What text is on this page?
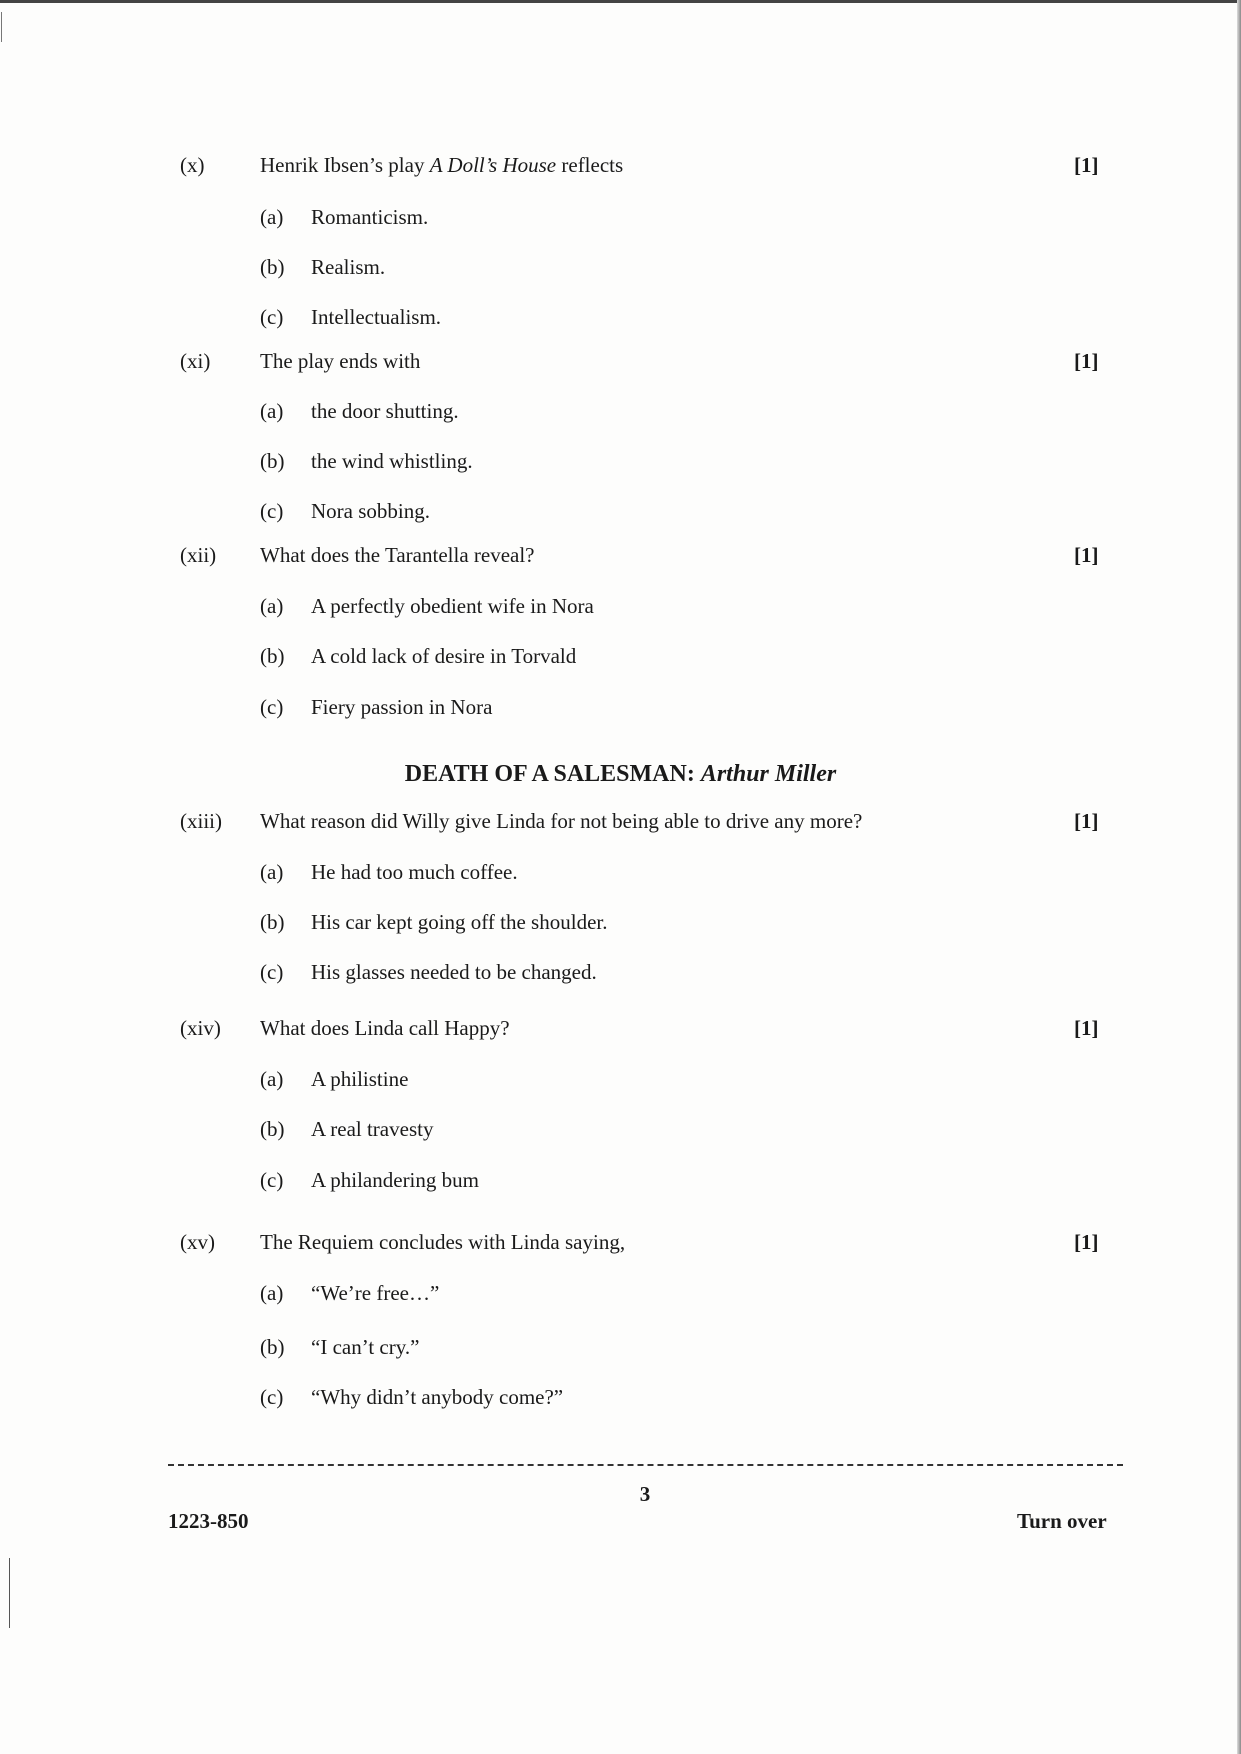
(x)	Henrik Ibsen’s play A Doll’s House reflects	[1]
(a) Romanticism.
(b) Realism.
(c) Intellectualism.
(xi) The play ends with	[1]
(a) the door shutting.
(b) the wind whistling.
(c) Nora sobbing.
(xii) What does the Tarantella reveal?	[1]
(a) A perfectly obedient wife in Nora
(b) A cold lack of desire in Torvald
(c) Fiery passion in Nora
DEATH OF A SALESMAN: Arthur Miller
(xiii) What reason did Willy give Linda for not being able to drive any more?	[1]
(a) He had too much coffee.
(b) His car kept going off the shoulder.
(c) His glasses needed to be changed.
(xiv) What does Linda call Happy?	[1]
(a) A philistine
(b) A real travesty
(c) A philandering bum
(xv) The Requiem concludes with Linda saying,	[1]
(a) “We’re free…”
(b) “I can’t cry.”
(c) “Why didn’t anybody come?”
3
1223-850	Turn over
